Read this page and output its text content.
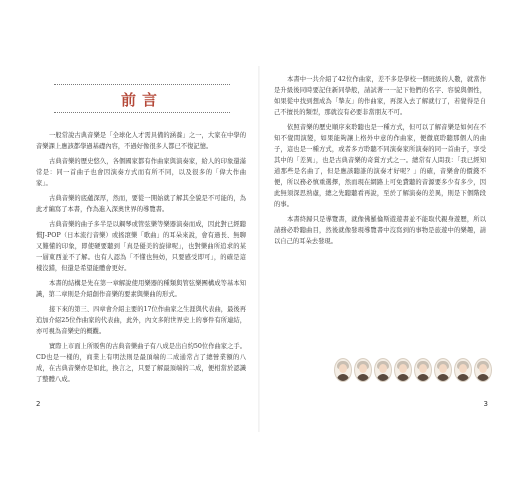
前言

一般常說古典音樂是「全球化人才需具備的涵養」之一，大家在中學的音樂課上應該都學過基礎內容，不過好像很多人都已不復記憶。

古典音樂的歷史悠久，各個國家都有作曲家與演奏家，給人的印象還滿常是：同一首曲子也會因演奏方式而有所不同，以及很多的「偉大作曲家」。

古典音樂的底蘊深厚，然而，要從一開始就了解其全貌是不可能的，為此才編寫了本書，作為進入深奧世界的導覽書。

古典音樂的曲子多半是以鋼琴或管弦樂等樂器演奏而成，因此對已經聽慣J-POP（日本流行音樂）或搖滾樂「歌曲」的耳朵來說，會有過長、無聊又難懂的印象，即使硬要聽到「真是優美的旋律呢」，也對樂曲所追求的某一層東西並不了解。也有人認為「不懂也無妨，只要感受即可」，的確是這樣沒錯，但還是希望能體會更好。

本書的結構是先在第一章解說使用樂器的種類與管弦樂團構成等基本知識，第二章則是介紹創作音樂的要素與樂曲的形式。

接下來的第三、四章會介紹主要的17位作曲家之生涯與代表曲，最後再追加介紹25位作曲家的代表曲，此外，內文多附世界史上的事件有所連結，亦可視為音樂史的概觀。

實際上市面上所販售的古典音樂曲子有八成是出自約50位作曲家之手。CD也是一樣的，商業上有明法則是最頂端的二成通常占了總營業額的八成，在古典音樂亦是如此，換言之，只要了解最頂端的二成，便相當於認識了整體八成。

2

本書中一共介紹了42位作曲家，差不多是學校一個班級的人數，就當作是升級後同時要記住新同學般，請試著一一記下他們的名字、容貌與個性，如果從中找到想成為「摯友」的作曲家，再深入去了解就行了，若覺得是自己不擅長的類型，那就沒有必要非當朋友不可。

依照音樂的歷史順序來聆聽也是一種方式，但可以了解音樂是如何在不知不覺間演變，如果能夠讓上格外中意的作曲家，便徹底聆聽那個人的曲子，這也是一種方式，或者多方聆聽不同演奏家所演奏的同一首曲子，享受其中的「差異」，也是古典音樂的奇賞方式之一。總常有人問我：「我已經知道那些是名曲了，但是應該聽誰的演奏才好呢？」的確，音樂會的價錢不便，所以務必慎重選擇，然而現在網路上可免費聽的音源要多少有多少，因此無須深思熟慮，總之先聽聽看再說，至於了解演奏的差異，則是下個階段的事。

本書終歸只是導覽書，就像佛羅倫斯遊遊書並不能取代親身遊歷，所以請務必聆聽曲目，然後就像發現導覽書中沒寫到的事物是旅遊中的樂趣，請以自己的耳朵去發現。

3
